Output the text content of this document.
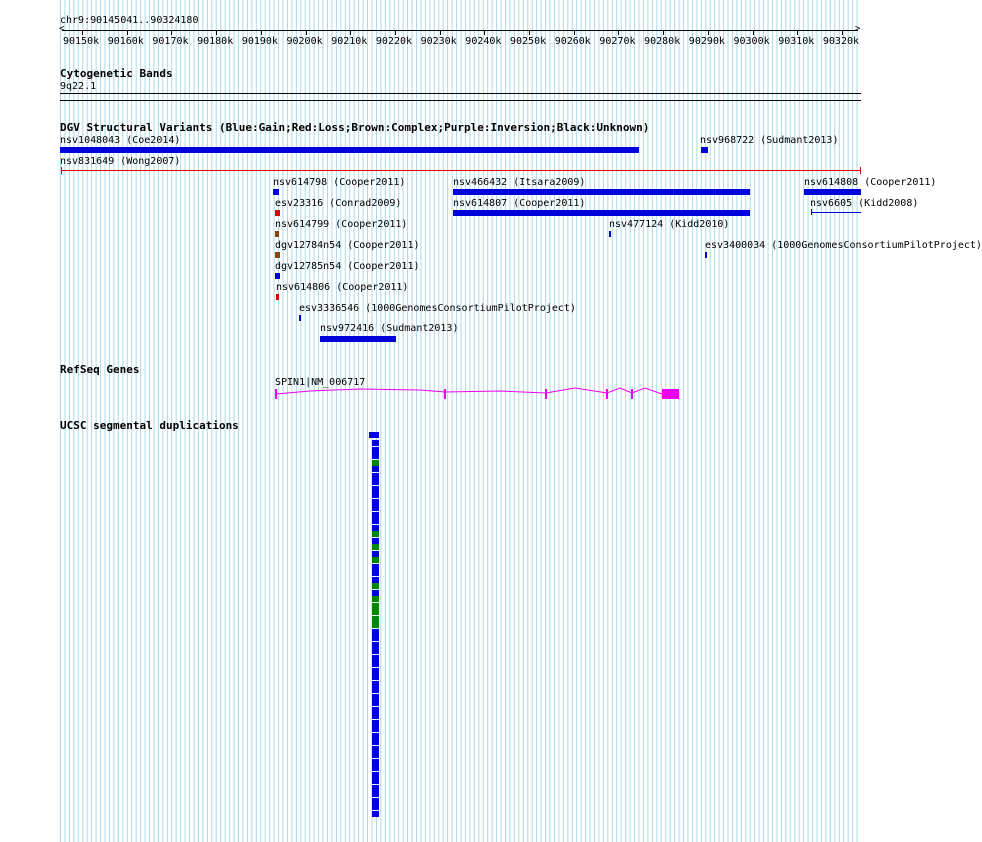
chr9:90145041..90324180
<	>
90150k 90160k 90170k 90180k 90190k 90200k 90210k 90220k 90230k 90240k 90250k 90260k 90270k 90280k 90290k 90300k 90310k 90320k
Cytogenetic Bands
9q22.1
DGV Structural Variants (Blue:Gain;Red:Loss;Brown:Complex;Purple:Inversion;Black:Unknown)
nsv1048043 (Coe2014)	nsv968722 (Sudmant2013)
nsv831649 (Wong2007)
nsv614798 (Cooper2011)	nsv466432 (Itsara2009)	nsv614808 (Cooper2011)
esv23316 (Conrad2009)	nsv614807 (Cooper2011)	nsv6605 (Kidd2008)
nsv614799 (Cooper2011)	nsv477124 (Kidd2010)
dgv12784n54 (Cooper2011)	esv3400034 (1000GenomesConsortiumPilotProject)
dgv12785n54 (Cooper2011)
nsv614806 (Cooper2011)
esv3336546 (1000GenomesConsortiumPilotProject)
nsv972416 (Sudmant2013)
RefSeq Genes
SPIN1|NM_006717
UCSC segmental duplications
